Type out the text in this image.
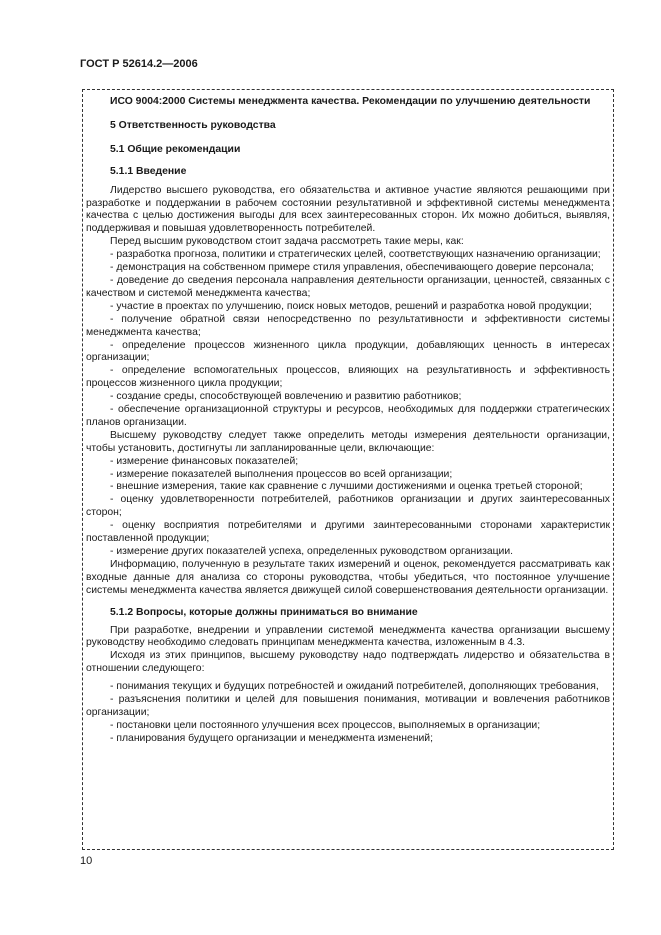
ГОСТ Р 52614.2—2006

ИСО 9004:2000 Системы менеджмента качества. Рекомендации по улучшению деятельности

5 Ответственность руководства

5.1 Общие рекомендации

5.1.1 Введение

Лидерство высшего руководства, его обязательства и активное участие являются решающими при разработке и поддержании в рабочем состоянии результативной и эффективной системы менеджмента качества с целью достижения выгоды для всех заинтересованных сторон. Их можно добиться, выявляя, поддерживая и повышая удовлетворенность потребителей.

Перед высшим руководством стоит задача рассмотреть такие меры, как:

- разработка прогноза, политики и стратегических целей, соответствующих назначению организации;

- демонстрация на собственном примере стиля управления, обеспечивающего доверие персонала;

- доведение до сведения персонала направления деятельности организации, ценностей, связанных с качеством и системой менеджмента качества;

- участие в проектах по улучшению, поиск новых методов, решений и разработка новой продукции;

- получение обратной связи непосредственно по результативности и эффективности системы менеджмента качества;

- определение процессов жизненного цикла продукции, добавляющих ценность в интересах организации;

- определение вспомогательных процессов, влияющих на результативность и эффективность процессов жизненного цикла продукции;

- создание среды, способствующей вовлечению и развитию работников;

- обеспечение организационной структуры и ресурсов, необходимых для поддержки стратегических планов организации.

Высшему руководству следует также определить методы измерения деятельности организации, чтобы установить, достигнуты ли запланированные цели, включающие:

- измерение финансовых показателей;

- измерение показателей выполнения процессов во всей организации;

- внешние измерения, такие как сравнение с лучшими достижениями и оценка третьей стороной;

- оценку удовлетворенности потребителей, работников организации и других заинтересованных сторон;

- оценку восприятия потребителями и другими заинтересованными сторонами характеристик поставленной продукции;

- измерение других показателей успеха, определенных руководством организации.

Информацию, полученную в результате таких измерений и оценок, рекомендуется рассматривать как входные данные для анализа со стороны руководства, чтобы убедиться, что постоянное улучшение системы менеджмента качества является движущей силой совершенствования деятельности организации.

5.1.2 Вопросы, которые должны приниматься во внимание

При разработке, внедрении и управлении системой менеджмента качества организации высшему руководству необходимо следовать принципам менеджмента качества, изложенным в 4.3.

Исходя из этих принципов, высшему руководству надо подтверждать лидерство и обязательства в отношении следующего:

- понимания текущих и будущих потребностей и ожиданий потребителей, дополняющих требования,

- разъяснения политики и целей для повышения понимания, мотивации и вовлечения работников организации;

- постановки цели постоянного улучшения всех процессов, выполняемых в организации;

- планирования будущего организации и менеджмента изменений;

10
